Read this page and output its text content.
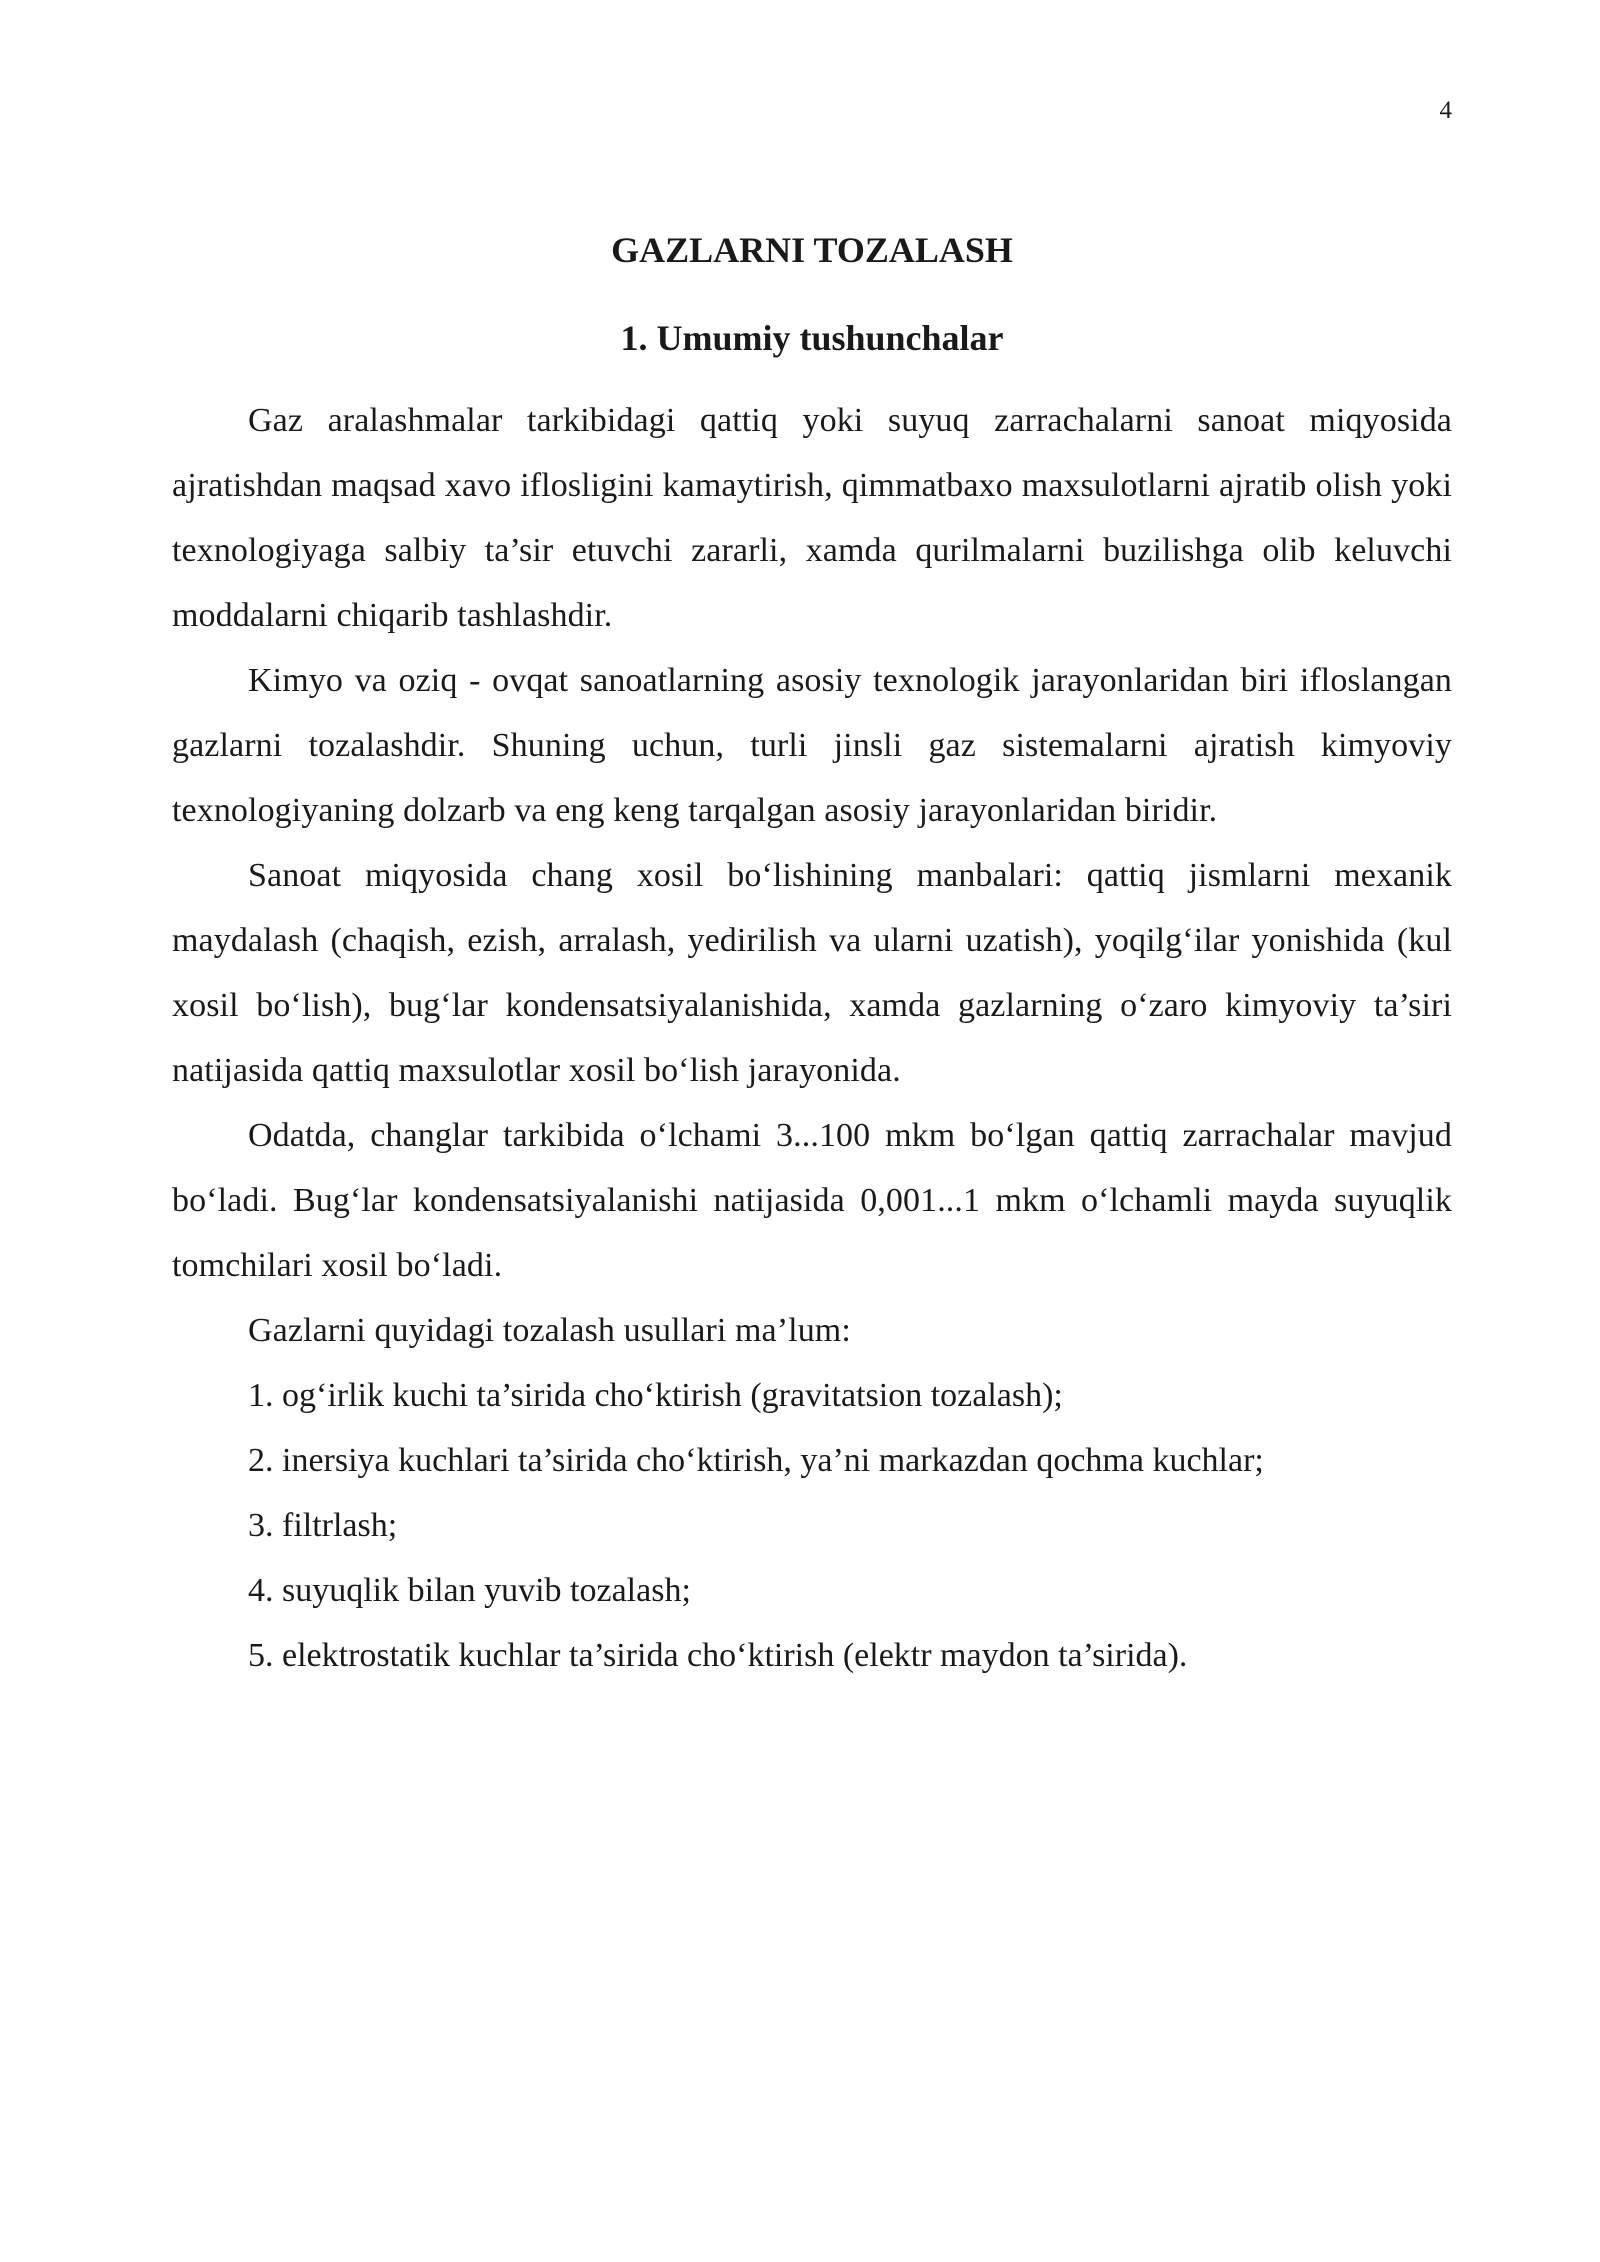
4
GAZLARNI TOZALASH
1. Umumiy tushunchalar

Gaz aralashmalar tarkibidagi qattiq yoki suyuq zarrachalarni sanoat miqyosida ajratishdan maqsad xavo iflosligini kamaytirish, qimmatbaxo maxsulotlarni ajratib olish yoki texnologiyaga salbiy ta’sir etuvchi zararli, xamda qurilmalarni buzilishga olib keluvchi moddalarni chiqarib tashlashdir.

Kimyo va oziq - ovqat sanoatlarning asosiy texnologik jarayonlaridan biri ifloslangan gazlarni tozalashdir. Shuning uchun, turli jinsli gaz sistemalarni ajratish kimyoviy texnologiyaning dolzarb va eng keng tarqalgan asosiy jarayonlaridan biridir.

Sanoat miqyosida chang xosil bo‘lishining manbalari: qattiq jismlarni mexanik maydalash (chaqish, ezish, arralash, yedirilish va ularni uzatish), yoqilg‘ilar yonishida (kul xosil bo‘lish), bug‘lar kondensatsiyalanishida, xamda gazlarning o‘zaro kimyoviy ta’siri natijasida qattiq maxsulotlar xosil bo‘lish jarayonida.

Odatda, changlar tarkibida o‘lchami 3...100 mkm bo‘lgan qattiq zarrachalar mavjud bo‘ladi. Bug‘lar kondensatsiyalanishi natijasida 0,001...1 mkm o‘lchamli mayda suyuqlik tomchilari xosil bo‘ladi.

Gazlarni quyidagi tozalash usullari ma’lum:

1. og‘irlik kuchi ta’sirida cho‘ktirish (gravitatsion tozalash);
2. inersiya kuchlari ta’sirida cho‘ktirish, ya’ni markazdan qochma kuchlar;
3. filtrlash;
4. suyuqlik bilan yuvib tozalash;
5. elektrostatik kuchlar ta’sirida cho‘ktirish (elektr maydon ta’sirida).
